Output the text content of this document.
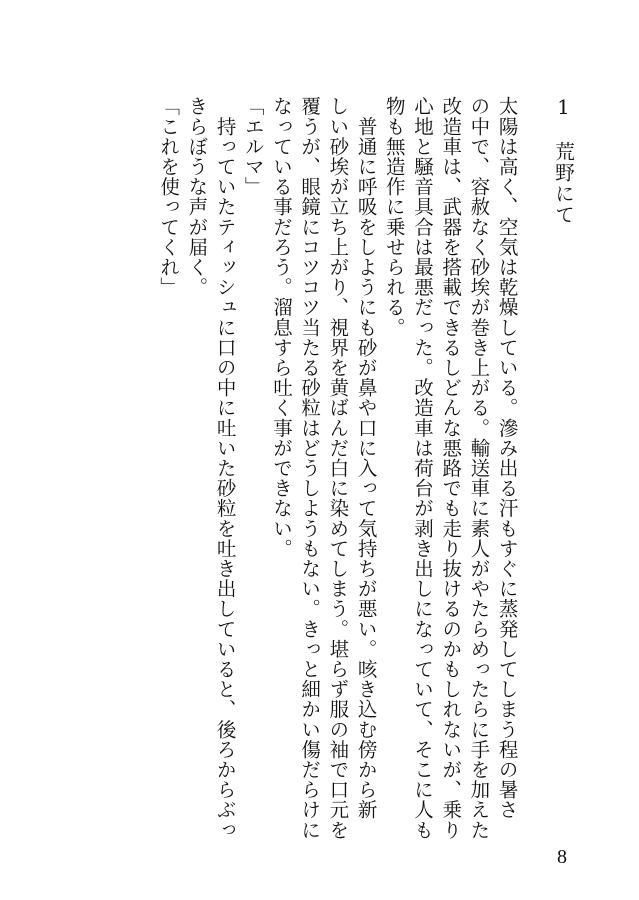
1　荒野にて

太陽は高く、空気は乾燥している。滲み出る汗もすぐに蒸発してしまう程の暑さ

の中で、容赦なく砂埃が巻き上がる。輸送車に素人がやたらめったらに手を加えた

改造車は、武器を搭載できるしどんな悪路でも走り抜けるのかもしれないが、乗り

心地と騒音具合は最悪だった。改造車は荷台が剥き出しになっていて、そこに人も

物も無造作に乗せられる。

　普通に呼吸をしようにも砂が鼻や口に入って気持ちが悪い。咳き込む傍から新

しい砂埃が立ち上がり、視界を黄ばんだ白に染めてしまう。堪らず服の袖で口元を

覆うが、眼鏡にコツコツ当たる砂粒はどうしようもない。きっと細かい傷だらけに

なっている事だろう。溜息すら吐く事ができない。

「エルマ」

　持っていたティッシュに口の中に吐いた砂粒を吐き出していると、後ろからぶっ

きらぼうな声が届く。

「これを使ってくれ」

8
